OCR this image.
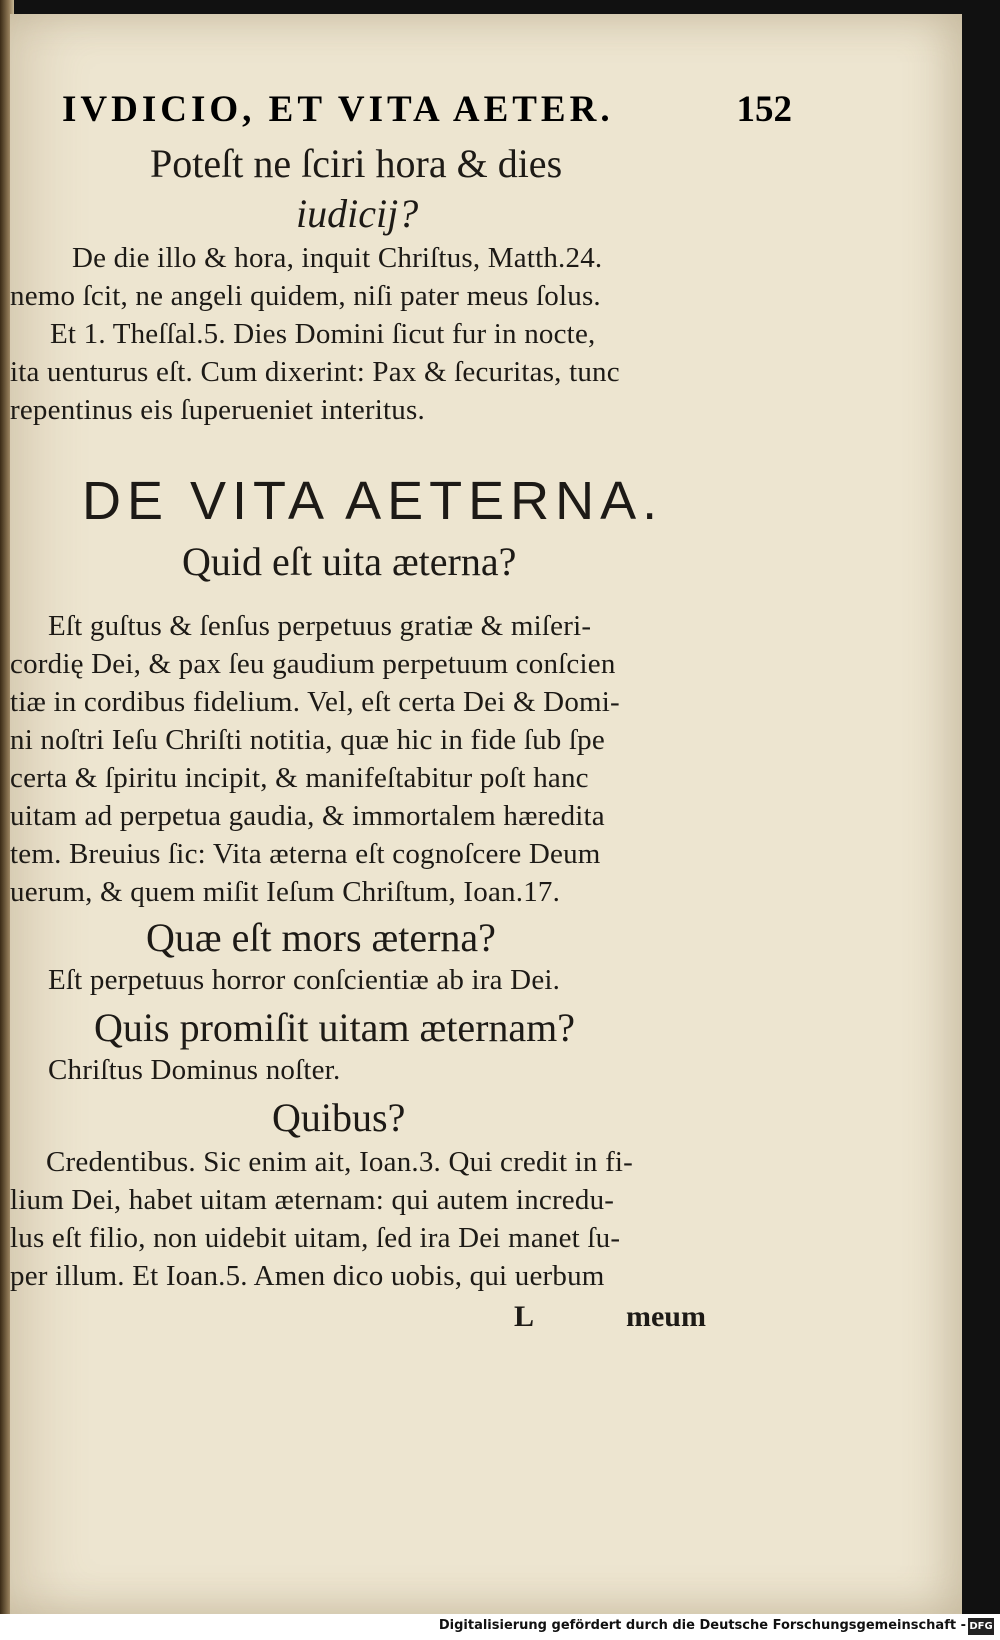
IVDICIO, ET VITA AETER.	152
Poteſt ne ſciri hora & dies
iudicij?
De die illo & hora, inquit Chriſtus, Matth.24.
nemo ſcit, ne angeli quidem, niſi pater meus ſolus.
Et 1. Theſſal.5. Dies Domini ſicut fur in nocte,
ita uenturus eſt. Cum dixerint: Pax & ſecuritas, tunc
repentinus eis ſuperueniet interitus.
DE VITA AETERNA.
Quid eſt uita æterna?
Eſt guſtus & ſenſus perpetuus gratiæ & miſeri-
cordię Dei, & pax ſeu gaudium perpetuum conſcien
tiæ in cordibus fidelium. Vel, eſt certa Dei & Domi-
ni noſtri Ieſu Chriſti notitia, quæ hic in fide ſub ſpe
certa & ſpiritu incipit, & manifeſtabitur poſt hanc
uitam ad perpetua gaudia, & immortalem hæredita
tem. Breuius ſic: Vita æterna eſt cognoſcere Deum
uerum, & quem miſit Ieſum Chriſtum, Ioan.17.
Quæ eſt mors æterna?
Eſt perpetuus horror conſcientiæ ab ira Dei.
Quis promiſit uitam æternam?
Chriſtus Dominus noſter.
Quibus?
Credentibus. Sic enim ait, Ioan.3. Qui credit in fi-
lium Dei, habet uitam æternam: qui autem incredu-
lus eſt filio, non uidebit uitam, ſed ira Dei manet ſu-
per illum. Et Ioan.5. Amen dico uobis, qui uerbum
L	meum
Digitalisierung gefördert durch die Deutsche Forschungsgemeinschaft - DFG
